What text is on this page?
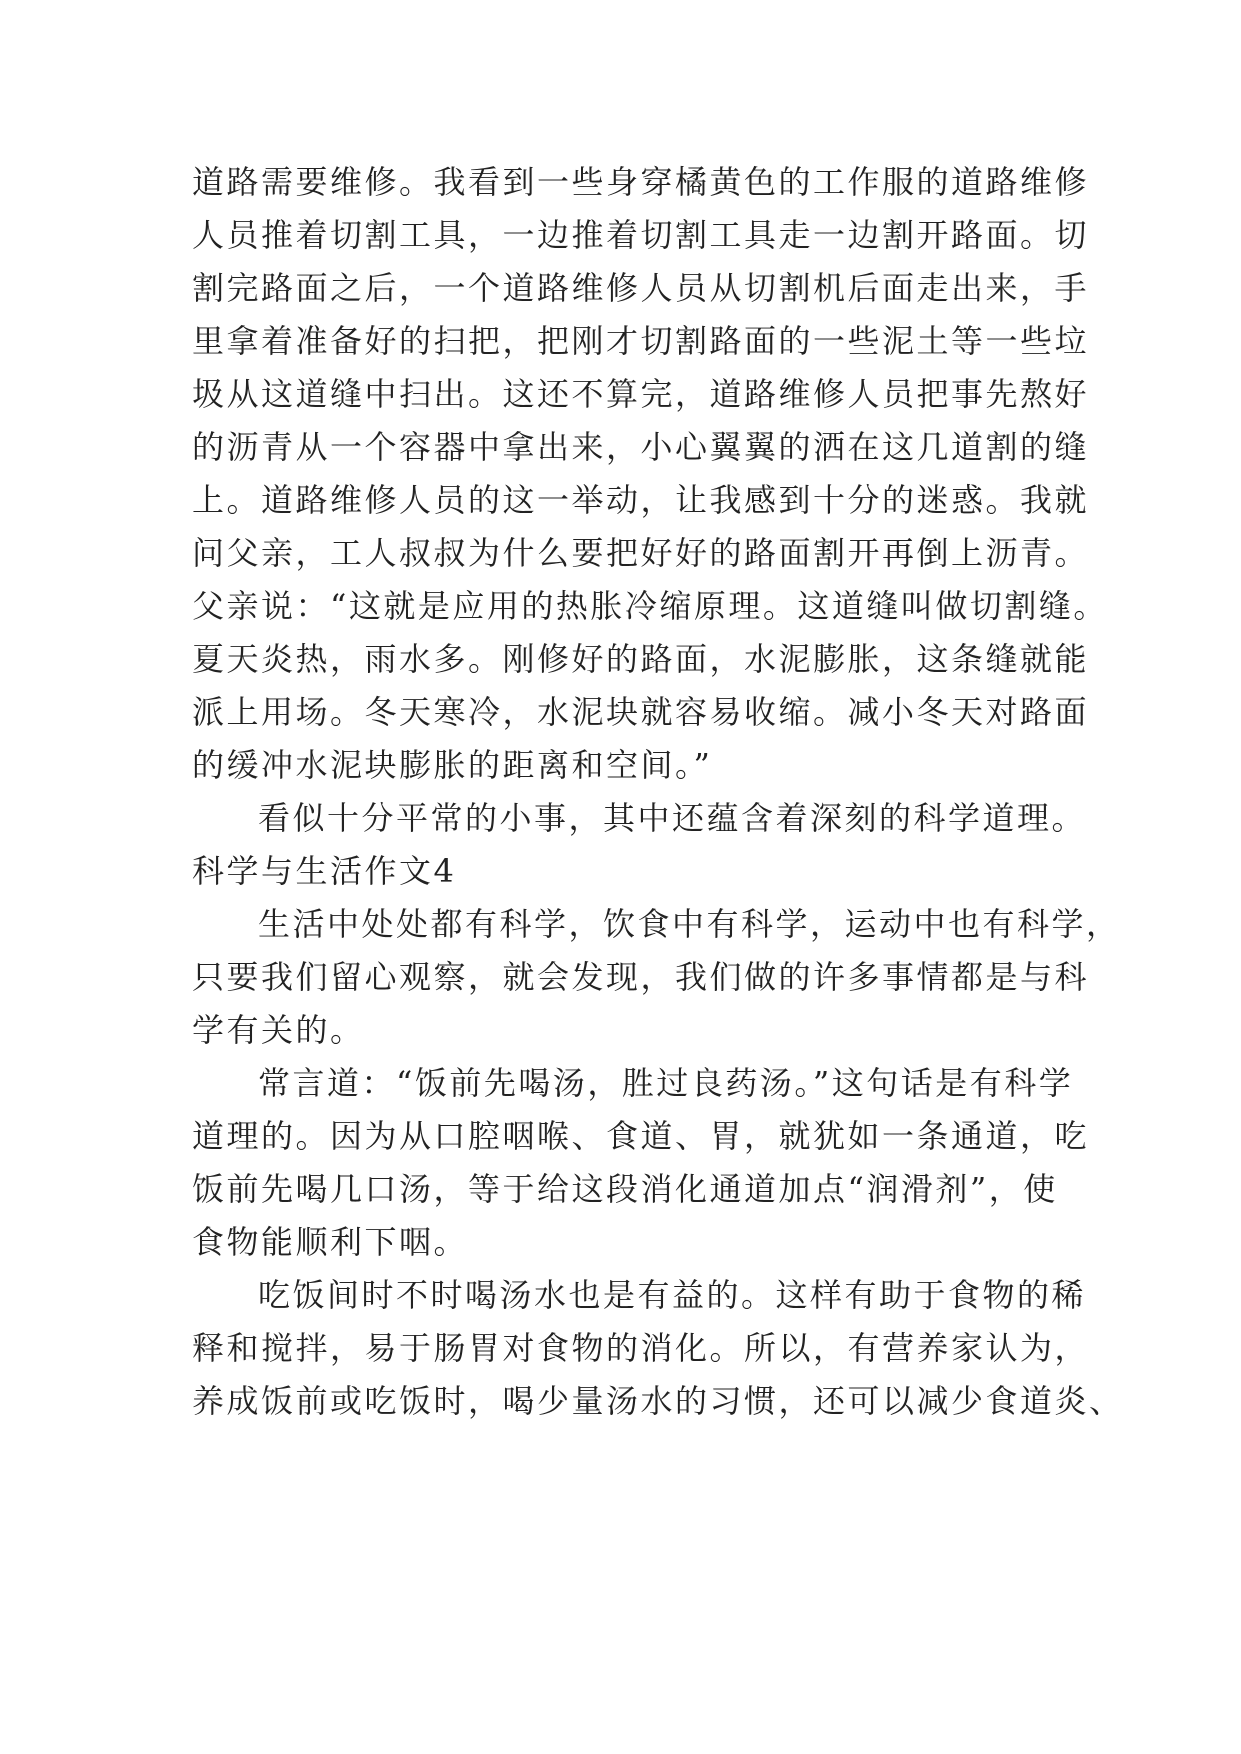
道路需要维修。我看到一些身穿橘黄色的工作服的道路维修

人员推着切割工具，一边推着切割工具走一边割开路面。切

割完路面之后，一个道路维修人员从切割机后面走出来，手

里拿着准备好的扫把，把刚才切割路面的一些泥土等一些垃

圾从这道缝中扫出。这还不算完，道路维修人员把事先熬好

的沥青从一个容器中拿出来，小心翼翼的洒在这几道割的缝

上。道路维修人员的这一举动，让我感到十分的迷惑。我就

问父亲，工人叔叔为什么要把好好的路面割开再倒上沥青。

父亲说：“这就是应用的热胀冷缩原理。这道缝叫做切割缝。

夏天炎热，雨水多。刚修好的路面，水泥膨胀，这条缝就能

派上用场。冬天寒冷，水泥块就容易收缩。减小冬天对路面

的缓冲水泥块膨胀的距离和空间。”

看似十分平常的小事，其中还蕴含着深刻的科学道理。

科学与生活作文4

生活中处处都有科学，饮食中有科学，运动中也有科学，

只要我们留心观察，就会发现，我们做的许多事情都是与科

学有关的。

常言道：“饭前先喝汤，胜过良药汤。”这句话是有科学

道理的。因为从口腔咽喉、食道、胃，就犹如一条通道，吃

饭前先喝几口汤，等于给这段消化通道加点“润滑剂”，使

食物能顺利下咽。

吃饭间时不时喝汤水也是有益的。这样有助于食物的稀

释和搅拌，易于肠胃对食物的消化。所以，有营养家认为，

养成饭前或吃饭时，喝少量汤水的习惯，还可以减少食道炎、
